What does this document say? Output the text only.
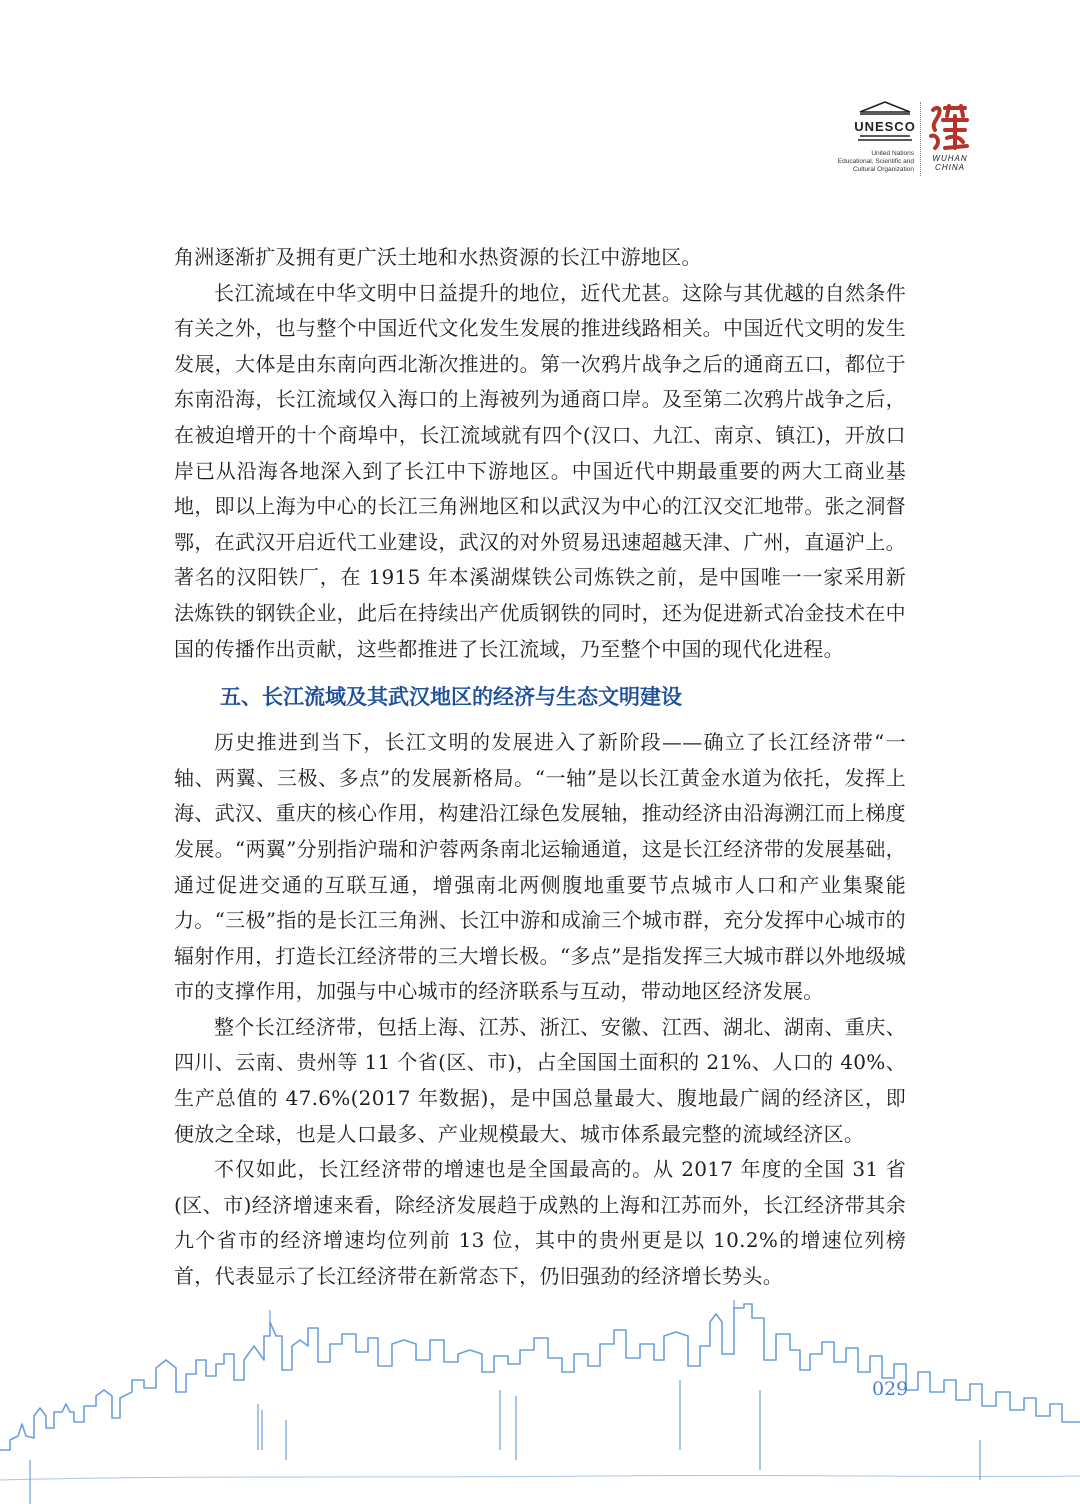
UNESCO
United Nations
Educational, Scientific and
Cultural Organization
WUHAN
CHINA

角洲逐渐扩及拥有更广沃土地和水热资源的长江中游地区。

长江流域在中华文明中日益提升的地位，近代尤甚。这除与其优越的自然条件有关之外，也与整个中国近代文化发生发展的推进线路相关。中国近代文明的发生发展，大体是由东南向西北渐次推进的。第一次鸦片战争之后的通商五口，都位于东南沿海，长江流域仅入海口的上海被列为通商口岸。及至第二次鸦片战争之后，在被迫增开的十个商埠中，长江流域就有四个(汉口、九江、南京、镇江)，开放口岸已从沿海各地深入到了长江中下游地区。中国近代中期最重要的两大工商业基地，即以上海为中心的长江三角洲地区和以武汉为中心的江汉交汇地带。张之洞督鄂，在武汉开启近代工业建设，武汉的对外贸易迅速超越天津、广州，直逼沪上。著名的汉阳铁厂，在 1915 年本溪湖煤铁公司炼铁之前，是中国唯一一家采用新法炼铁的钢铁企业，此后在持续出产优质钢铁的同时，还为促进新式冶金技术在中国的传播作出贡献，这些都推进了长江流域，乃至整个中国的现代化进程。

五、长江流域及其武汉地区的经济与生态文明建设

历史推进到当下，长江文明的发展进入了新阶段——确立了长江经济带“一轴、两翼、三极、多点”的发展新格局。“一轴”是以长江黄金水道为依托，发挥上海、武汉、重庆的核心作用，构建沿江绿色发展轴，推动经济由沿海溯江而上梯度发展。“两翼”分别指沪瑞和沪蓉两条南北运输通道，这是长江经济带的发展基础，通过促进交通的互联互通，增强南北两侧腹地重要节点城市人口和产业集聚能力。“三极”指的是长江三角洲、长江中游和成渝三个城市群，充分发挥中心城市的辐射作用，打造长江经济带的三大增长极。“多点”是指发挥三大城市群以外地级城市的支撑作用，加强与中心城市的经济联系与互动，带动地区经济发展。

整个长江经济带，包括上海、江苏、浙江、安徽、江西、湖北、湖南、重庆、四川、云南、贵州等 11 个省(区、市)，占全国国土面积的 21%、人口的 40%、生产总值的 47.6%(2017 年数据)，是中国总量最大、腹地最广阔的经济区，即便放之全球，也是人口最多、产业规模最大、城市体系最完整的流域经济区。

不仅如此，长江经济带的增速也是全国最高的。从 2017 年度的全国 31 省(区、市)经济增速来看，除经济发展趋于成熟的上海和江苏而外，长江经济带其余九个省市的经济增速均位列前 13 位，其中的贵州更是以 10.2%的增速位列榜首，代表显示了长江经济带在新常态下，仍旧强劲的经济增长势头。

029
